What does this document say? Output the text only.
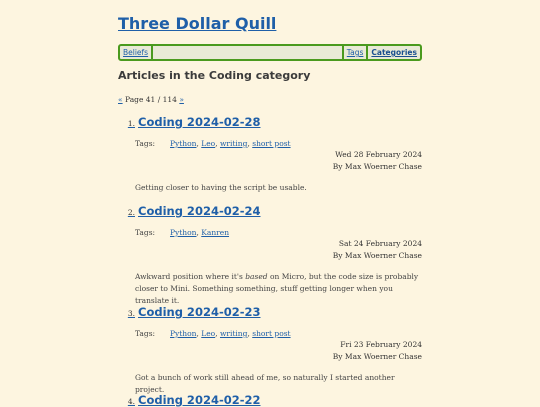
Three Dollar Quill
Beliefs	Tags	Categories
Articles in the Coding category
« Page 41 / 114 »
1. Coding 2024-02-28
Tags:	Python, Leo, writing, short post
Wed 28 February 2024
By Max Woerner Chase
Getting closer to having the script be usable.
2. Coding 2024-02-24
Tags:	Python, Kanren
Sat 24 February 2024
By Max Woerner Chase
Awkward position where it's based on Micro, but the code size is probably closer to Mini. Something something, stuff getting longer when you translate it.
3. Coding 2024-02-23
Tags:	Python, Leo, writing, short post
Fri 23 February 2024
By Max Woerner Chase
Got a bunch of work still ahead of me, so naturally I started another project.
4. Coding 2024-02-22
